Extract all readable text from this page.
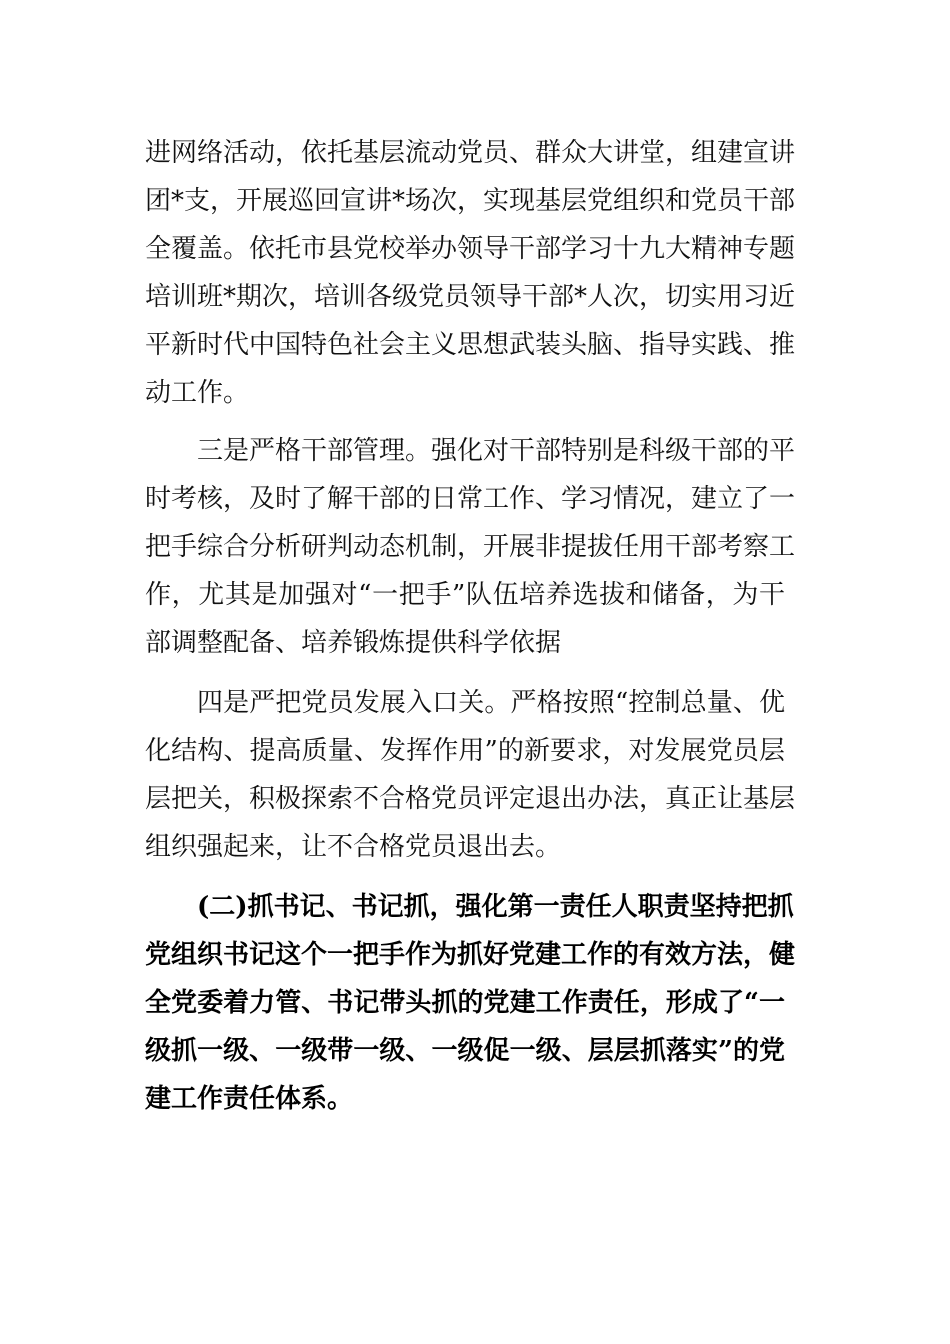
进网络活动，依托基层流动党员、群众大讲堂，组建宣讲
团*支，开展巡回宣讲*场次，实现基层党组织和党员干部
全覆盖。依托市县党校举办领导干部学习十九大精神专题
培训班*期次，培训各级党员领导干部*人次，切实用习近
平新时代中国特色社会主义思想武装头脑、指导实践、推
动工作。
三是严格干部管理。强化对干部特别是科级干部的平
时考核，及时了解干部的日常工作、学习情况，建立了一
把手综合分析研判动态机制，开展非提拔任用干部考察工
作，尤其是加强对“一把手”队伍培养选拔和储备，为干
部调整配备、培养锻炼提供科学依据
四是严把党员发展入口关。严格按照“控制总量、优
化结构、提高质量、发挥作用”的新要求，对发展党员层
层把关，积极探索不合格党员评定退出办法，真正让基层
组织强起来，让不合格党员退出去。
(二)抓书记、书记抓，强化第一责任人职责坚持把抓
党组织书记这个一把手作为抓好党建工作的有效方法，健
全党委着力管、书记带头抓的党建工作责任，形成了“一
级抓一级、一级带一级、一级促一级、层层抓落实”的党
建工作责任体系。
